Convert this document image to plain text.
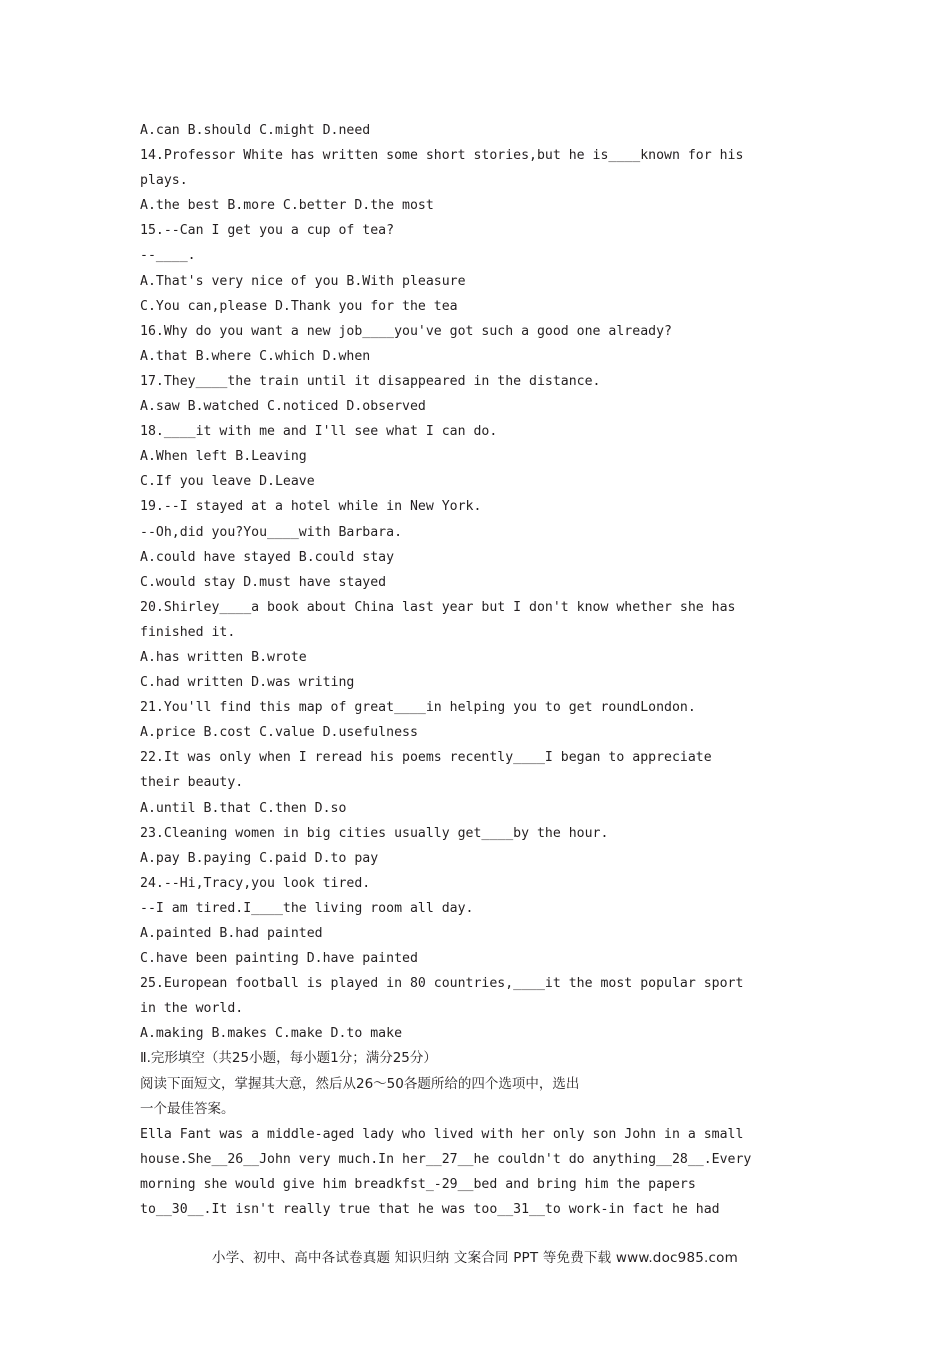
A.can B.should C.might D.need
14.Professor White has written some short stories,but he is____known for his
plays.
A.the best B.more C.better D.the most
15.--Can I get you a cup of tea?
--____.
A.That's very nice of you B.With pleasure
C.You can,please D.Thank you for the tea
16.Why do you want a new job____you've got such a good one already?
A.that B.where C.which D.when
17.They____the train until it disappeared in the distance.
A.saw B.watched C.noticed D.observed
18.____it with me and I'll see what I can do.
A.When left B.Leaving
C.If you leave D.Leave
19.--I stayed at a hotel while in New York.
--Oh,did you?You____with Barbara.
A.could have stayed B.could stay
C.would stay D.must have stayed
20.Shirley____a book about China last year but I don't know whether she has
finished it.
A.has written B.wrote
C.had written D.was writing
21.You'll find this map of great____in helping you to get roundLondon.
A.price B.cost C.value D.usefulness
22.It was only when I reread his poems recently____I began to appreciate
their beauty.
A.until B.that C.then D.so
23.Cleaning women in big cities usually get____by the hour.
A.pay B.paying C.paid D.to pay
24.--Hi,Tracy,you look tired.
--I am tired.I____the living room all day.
A.painted B.had painted
C.have been painting D.have painted
25.European football is played in 80 countries,____it the most popular sport
in the world.
A.making B.makes C.make D.to make
Ⅱ.完形填空（共25小题，每小题1分；满分25分）
阅读下面短文，掌握其大意，然后从26～50各题所给的四个选项中，选出
一个最佳答案。
Ella Fant was a middle-aged lady who lived with her only son John in a small
house.She__26__John very much.In her__27__he couldn't do anything__28__.Every
morning she would give him breadkfst_-29__bed and bring him the papers
to__30__.It isn't really true that he was too__31__to work-in fact he had
小学、初中、高中各试卷真题 知识归纳 文案合同 PPT 等免费下载 www.doc985.com
